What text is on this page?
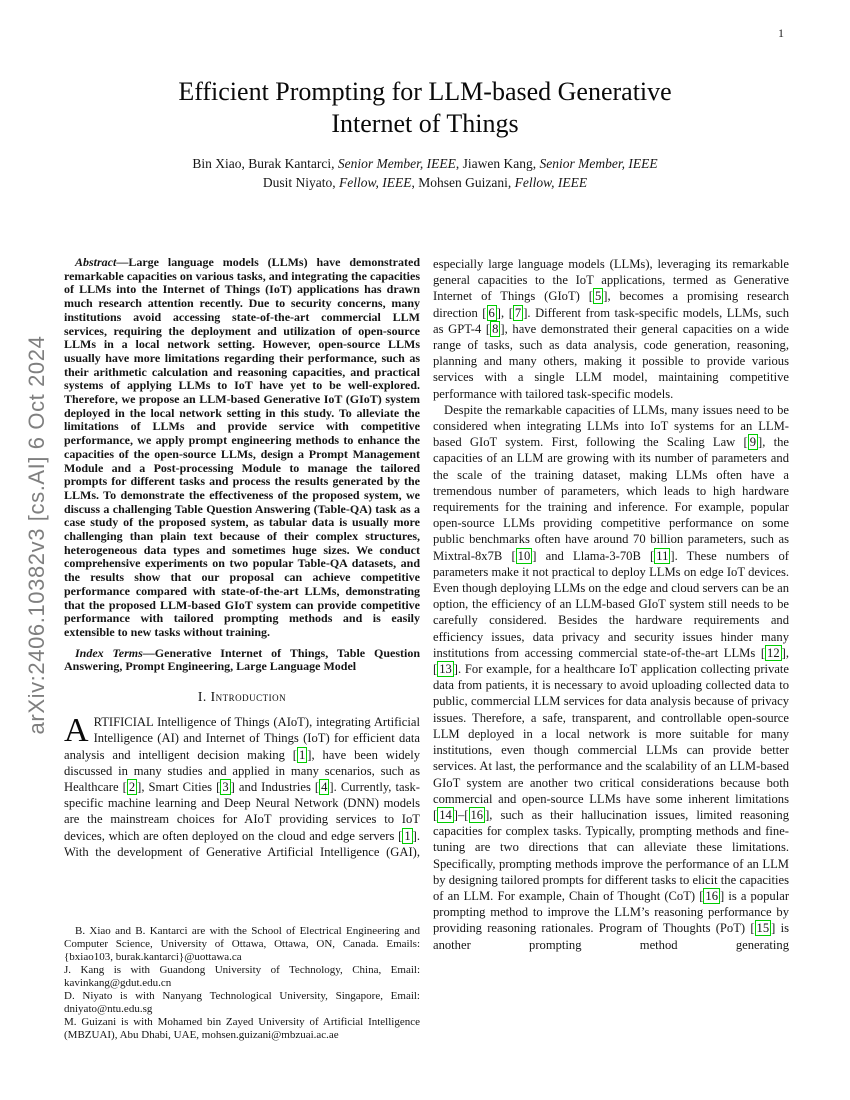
1
arXiv:2406.10382v3 [cs.AI] 6 Oct 2024
Efficient Prompting for LLM-based Generative
Internet of Things
Bin Xiao, Burak Kantarci, Senior Member, IEEE, Jiawen Kang, Senior Member, IEEE
Dusit Niyato, Fellow, IEEE, Mohsen Guizani, Fellow, IEEE

Abstract—Large language models (LLMs) have demonstrated remarkable capacities on various tasks, and integrating the capacities of LLMs into the Internet of Things (IoT) applications has drawn much research attention recently. Due to security concerns, many institutions avoid accessing state-of-the-art commercial LLM services, requiring the deployment and utilization of open-source LLMs in a local network setting. However, open-source LLMs usually have more limitations regarding their performance, such as their arithmetic calculation and reasoning capacities, and practical systems of applying LLMs to IoT have yet to be well-explored. Therefore, we propose an LLM-based Generative IoT (GIoT) system deployed in the local network setting in this study. To alleviate the limitations of LLMs and provide service with competitive performance, we apply prompt engineering methods to enhance the capacities of the open-source LLMs, design a Prompt Management Module and a Post-processing Module to manage the tailored prompts for different tasks and process the results generated by the LLMs. To demonstrate the effectiveness of the proposed system, we discuss a challenging Table Question Answering (Table-QA) task as a case study of the proposed system, as tabular data is usually more challenging than plain text because of their complex structures, heterogeneous data types and sometimes huge sizes. We conduct comprehensive experiments on two popular Table-QA datasets, and the results show that our proposal can achieve competitive performance compared with state-of-the-art LLMs, demonstrating that the proposed LLM-based GIoT system can provide competitive performance with tailored prompting methods and is easily extensible to new tasks without training.

Index Terms—Generative Internet of Things, Table Question Answering, Prompt Engineering, Large Language Model

I. Introduction

ARTIFICIAL Intelligence of Things (AIoT), integrating Artificial Intelligence (AI) and Internet of Things (IoT) for efficient data analysis and intelligent decision making [ 1 ], have been widely discussed in many studies and applied in many scenarios, such as Healthcare [ 2 ], Smart Cities [ 3 ] and Industries [ 4 ]. Currently, task-specific machine learning and Deep Neural Network (DNN) models are the mainstream choices for AIoT providing services to IoT devices, which are often deployed on the cloud and edge servers [ 1 ]. With the development of Generative Artificial Intelligence (GAI),

B. Xiao and B. Kantarci are with the School of Electrical Engineering and Computer Science, University of Ottawa, Ottawa, ON, Canada. Emails:{bxiao103, burak.kantarci}@uottawa.ca

J. Kang is with Guandong University of Technology, China, Email: kavinkang@gdut.edu.cn

D. Niyato is with Nanyang Technological University, Singapore, Email: dniyato@ntu.edu.sg

M. Guizani is with Mohamed bin Zayed University of Artificial Intelligence (MBZUAI), Abu Dhabi, UAE, mohsen.guizani@mbzuai.ac.ae

especially large language models (LLMs), leveraging its remarkable general capacities to the IoT applications, termed as Generative Internet of Things (GIoT) [ 5 ], becomes a promising research direction [ 6 ], [ 7 ]. Different from task-specific models, LLMs, such as GPT-4 [ 8 ], have demonstrated their general capacities on a wide range of tasks, such as data analysis, code generation, reasoning, planning and many others, making it possible to provide various services with a single LLM model, maintaining competitive performance with tailored task-specific models.

Despite the remarkable capacities of LLMs, many issues need to be considered when integrating LLMs into IoT systems for an LLM-based GIoT system. First, following the Scaling Law [ 9 ], the capacities of an LLM are growing with its number of parameters and the scale of the training dataset, making LLMs often have a tremendous number of parameters, which leads to high hardware requirements for the training and inference. For example, popular open-source LLMs providing competitive performance on some public benchmarks often have around 70 billion parameters, such as Mixtral-8x7B [ 10 ] and Llama-3-70B [ 11 ]. These numbers of parameters make it not practical to deploy LLMs on edge IoT devices. Even though deploying LLMs on the edge and cloud servers can be an option, the efficiency of an LLM-based GIoT system still needs to be carefully considered. Besides the hardware requirements and efficiency issues, data privacy and security issues hinder many institutions from accessing commercial state-of-the-art LLMs [ 12 ], [ 13 ]. For example, for a healthcare IoT application collecting private data from patients, it is necessary to avoid uploading collected data to public, commercial LLM services for data analysis because of privacy issues. Therefore, a safe, transparent, and controllable open-source LLM deployed in a local network is more suitable for many institutions, even though commercial LLMs can provide better services. At last, the performance and the scalability of an LLM-based GIoT system are another two critical considerations because both commercial and open-source LLMs have some inherent limitations [ 14 ]–[ 16 ], such as their hallucination issues, limited reasoning capacities for complex tasks. Typically, prompting methods and fine-tuning are two directions that can alleviate these limitations. Specifically, prompting methods improve the performance of an LLM by designing tailored prompts for different tasks to elicit the capacities of an LLM. For example, Chain of Thought (CoT) [ 16 ] is a popular prompting method to improve the LLM’s reasoning performance by providing reasoning rationales. Program of Thoughts (PoT) [ 15 ] is another prompting method generating
